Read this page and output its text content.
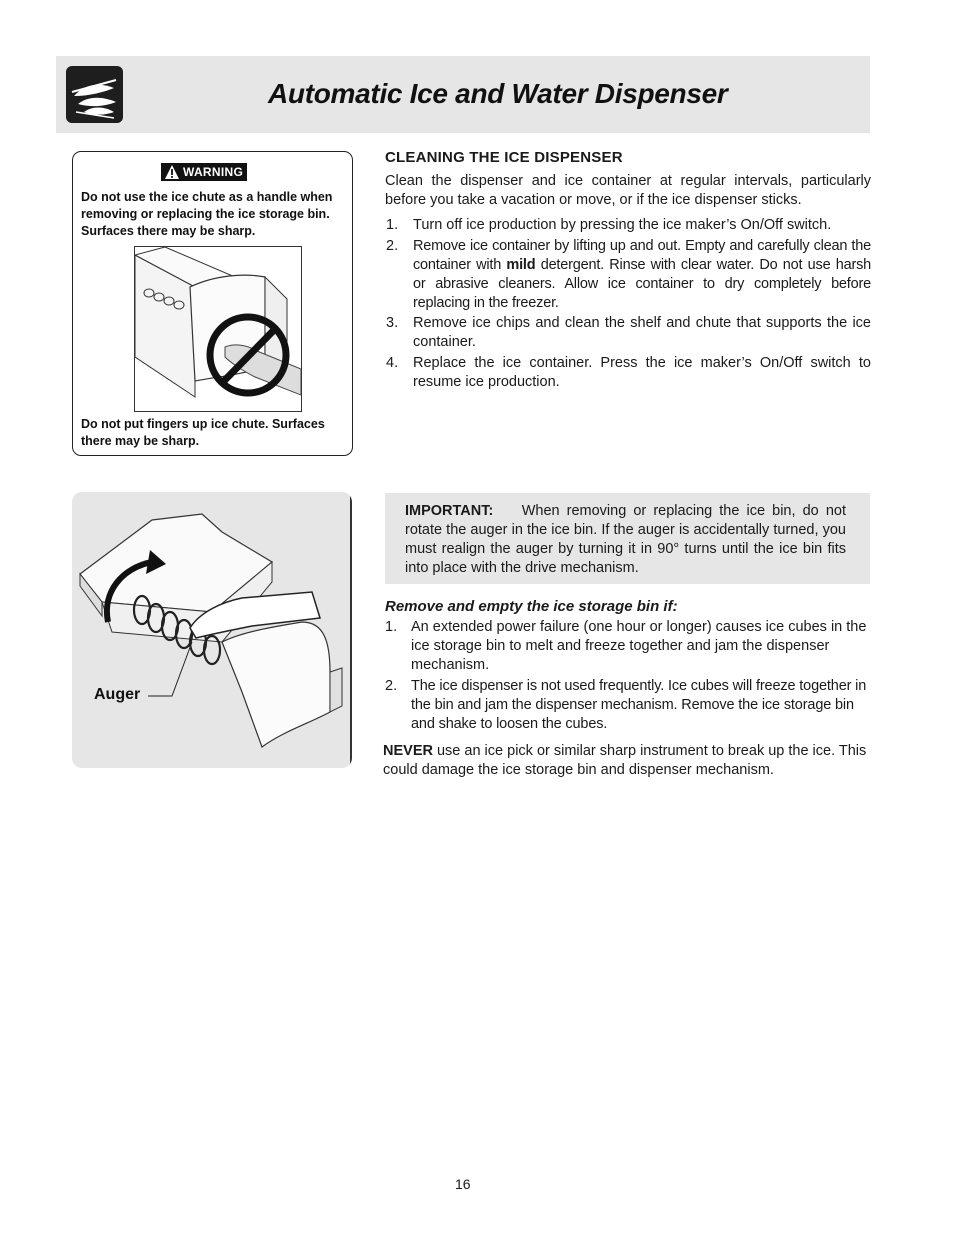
Automatic Ice and Water Dispenser
WARNING
Do not use the ice chute as a handle when removing or replacing the ice storage bin. Surfaces there may be sharp.
Do not put fingers up ice chute. Surfaces there may be sharp.
CLEANING THE ICE DISPENSER
Clean the dispenser and ice container at regular intervals, particularly before you take a vacation or move, or if the ice dispenser sticks.
1. Turn off ice production by pressing the ice maker’s On/Off switch.
2. Remove ice container by lifting up and out. Empty and carefully clean the container with mild detergent. Rinse with clear water. Do not use harsh or abrasive cleaners. Allow ice container to dry completely before replacing in the freezer.
3. Remove ice chips and clean the shelf and chute that supports the ice container.
4. Replace the ice container. Press the ice maker’s On/Off switch to resume ice production.
Auger
IMPORTANT: When removing or replacing the ice bin, do not rotate the auger in the ice bin. If the auger is accidentally turned, you must realign the auger by turning it in 90° turns until the ice bin fits into place with the drive mechanism.
Remove and empty the ice storage bin if:
1. An extended power failure (one hour or longer) causes ice cubes in the ice storage bin to melt and freeze together and jam the dispenser mechanism.
2. The ice dispenser is not used frequently. Ice cubes will freeze together in the bin and jam the dispenser mechanism. Remove the ice storage bin and shake to loosen the cubes.
NEVER use an ice pick or similar sharp instrument to break up the ice. This could damage the ice storage bin and dispenser mechanism.
16
